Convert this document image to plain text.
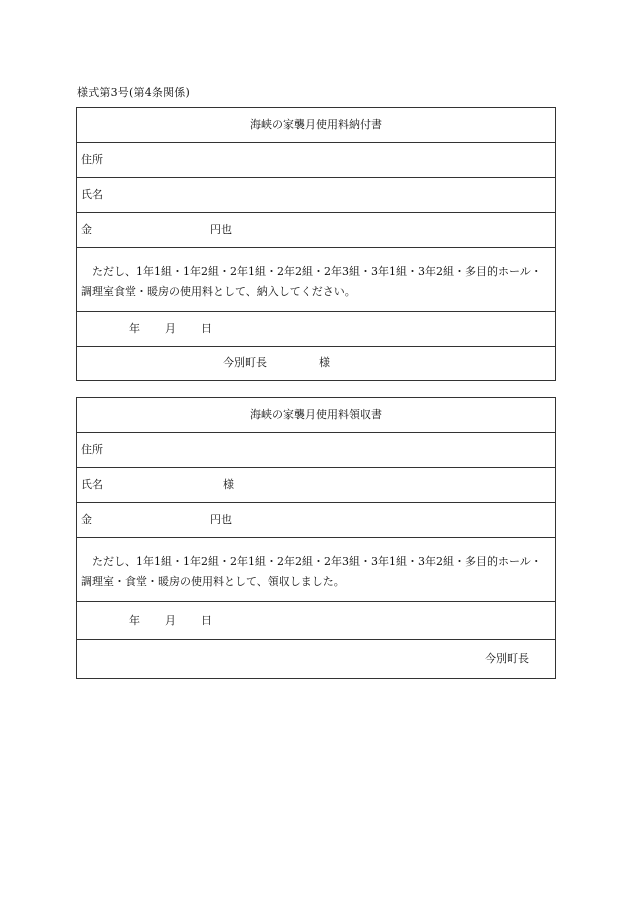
様式第3号(第4条関係)
海峡の家襲月使用料納付書
住所
氏名
金	円也
ただし、1年1組・1年2組・2年1組・2年2組・2年3組・3年1組・3年2組・多目的ホール・調理室食堂・暖房の使用料として、納入してください。
年 月 日
今別町長	様
海峡の家襲月使用料領収書
住所
氏名	様
金	円也
ただし、1年1組・1年2組・2年1組・2年2組・2年3組・3年1組・3年2組・多目的ホール・調理室・食堂・暖房の使用料として、領収しました。
年 月 日
今別町長
